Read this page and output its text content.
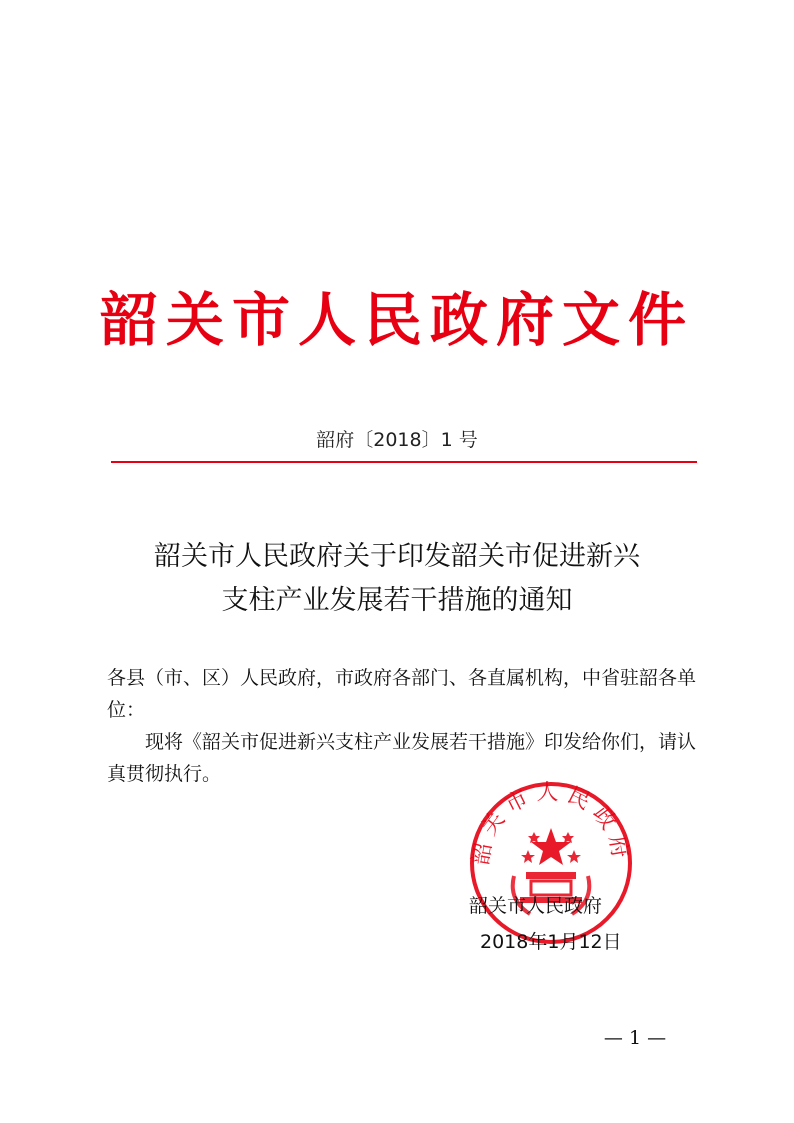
韶关市人民政府文件
韶府〔2018〕1 号
韶关市人民政府关于印发韶关市促进新兴
支柱产业发展若干措施的通知

各县（市、区）人民政府，市政府各部门、各直属机构，中省驻韶各单位：

现将《韶关市促进新兴支柱产业发展若干措施》印发给你们，请认真贯彻执行。

韶关市人民政府
韶关市人民政府
2018年1月12日
— 1 —
